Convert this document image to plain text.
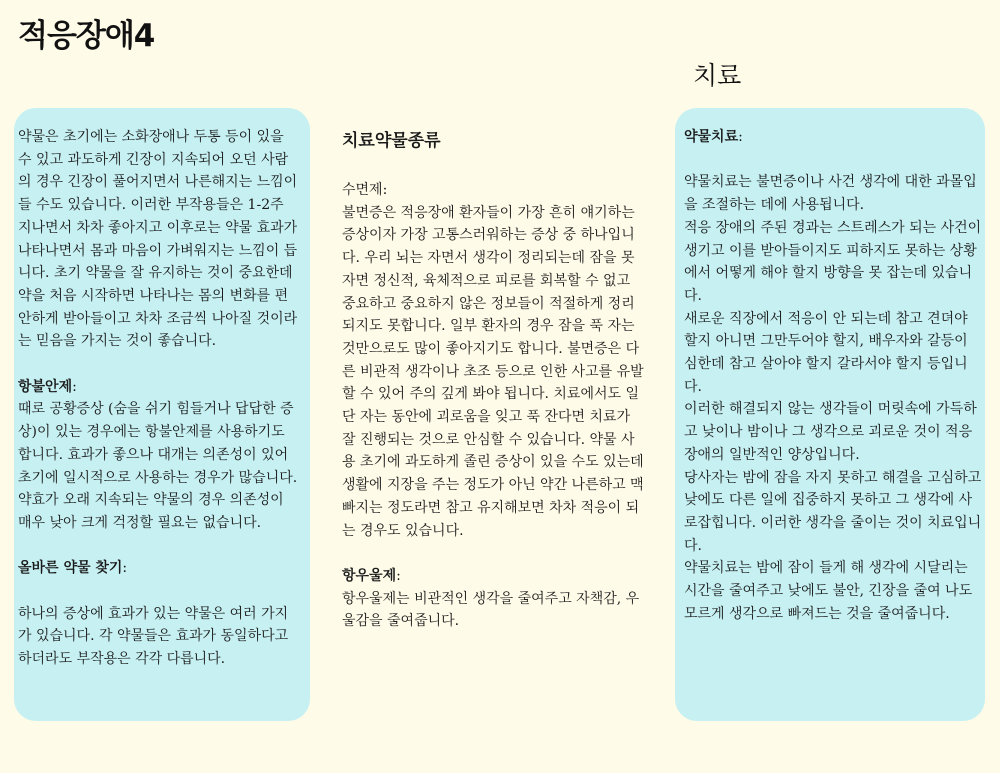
적응장애4
치료

약물은 초기에는 소화장애나 두통 등이 있을 수 있고 과도하게 긴장이 지속되어 오던 사람의 경우 긴장이 풀어지면서 나른해지는 느낌이 들 수도 있습니다. 이러한 부작용들은 1-2주 지나면서 차차 좋아지고 이후로는 약물 효과가 나타나면서 몸과 마음이 가벼워지는 느낌이 듭니다. 초기 약물을 잘 유지하는 것이 중요한데 약을 처음 시작하면 나타나는 몸의 변화를 편안하게 받아들이고 차차 조금씩 나아질 것이라는 믿음을 가지는 것이 좋습니다.

항불안제:

때로 공황증상 (숨을 쉬기 힘들거나 답답한 증상)이 있는 경우에는 항불안제를 사용하기도 합니다. 효과가 좋으나 대개는 의존성이 있어 초기에 일시적으로 사용하는 경우가 많습니다. 약효가 오래 지속되는 약물의 경우 의존성이 매우 낮아 크게 걱정할 필요는 없습니다.

올바른 약물 찾기:

하나의 증상에 효과가 있는 약물은 여러 가지가 있습니다. 각 약물들은 효과가 동일하다고 하더라도 부작용은 각각 다릅니다.

치료약물종류
수면제:

불면증은 적응장애 환자들이 가장 흔히 얘기하는 증상이자 가장 고통스러워하는 증상 중 하나입니다. 우리 뇌는 자면서 생각이 정리되는데 잠을 못 자면 정신적, 육체적으로 피로를 회복할 수 없고 중요하고 중요하지 않은 정보들이 적절하게 정리되지도 못합니다. 일부 환자의 경우 잠을 푹 자는 것만으로도 많이 좋아지기도 합니다. 불면증은 다른 비관적 생각이나 초조 등으로 인한 사고를 유발할 수 있어 주의 깊게 봐야 됩니다. 치료에서도 일단 자는 동안에 괴로움을 잊고 푹 잔다면 치료가 잘 진행되는 것으로 안심할 수 있습니다. 약물 사용 초기에 과도하게 졸린 증상이 있을 수도 있는데 생활에 지장을 주는 정도가 아닌 약간 나른하고 맥 빠지는 정도라면 참고 유지해보면 차차 적응이 되는 경우도 있습니다.

항우울제:

항우울제는 비관적인 생각을 줄여주고 자책감, 우울감을 줄여줍니다.

약물치료:

약물치료는 불면증이나 사건 생각에 대한 과몰입을 조절하는 데에 사용됩니다.

적응 장애의 주된 경과는 스트레스가 되는 사건이 생기고 이를 받아들이지도 피하지도 못하는 상황에서 어떻게 해야 할지 방향을 못 잡는데 있습니다.

새로운 직장에서 적응이 안 되는데 참고 견뎌야 할지 아니면 그만두어야 할지, 배우자와 갈등이 심한데 참고 살아야 할지 갈라서야 할지 등입니다.

이러한 해결되지 않는 생각들이 머릿속에 가득하고 낮이나 밤이나 그 생각으로 괴로운 것이 적응장애의 일반적인 양상입니다.

당사자는 밤에 잠을 자지 못하고 해결을 고심하고 낮에도 다른 일에 집중하지 못하고 그 생각에 사로잡힙니다. 이러한 생각을 줄이는 것이 치료입니다.

약물치료는 밤에 잠이 들게 해 생각에 시달리는 시간을 줄여주고 낮에도 불안, 긴장을 줄여 나도 모르게 생각으로 빠져드는 것을 줄여줍니다.
